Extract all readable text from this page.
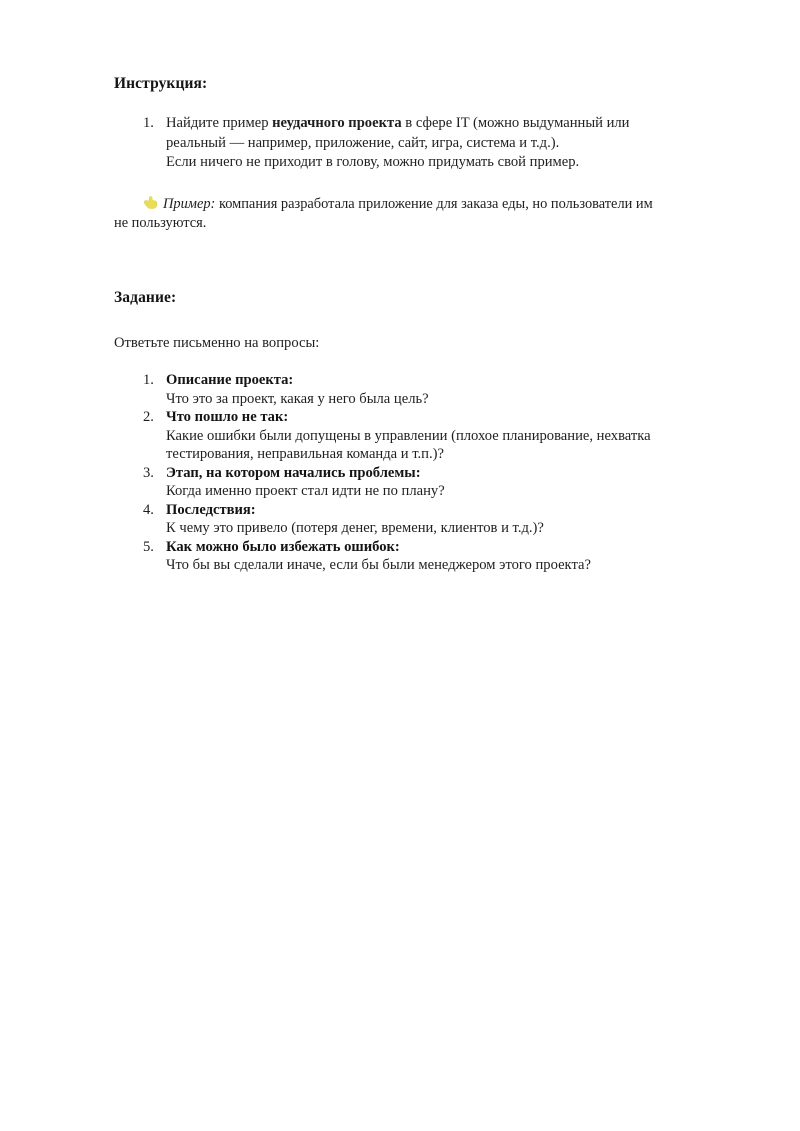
Инструкция:
1. Найдите пример неудачного проекта в сфере IT (можно выдуманный или
реальный — например, приложение, сайт, игра, система и т.д.).
Если ничего не приходит в голову, можно придумать свой пример.
Пример: компания разработала приложение для заказа еды, но пользователи им
не пользуются.
Задание:

Ответьте письменно на вопросы:

1. Описание проекта:
Что это за проект, какая у него была цель?
2. Что пошло не так:
Какие ошибки были допущены в управлении (плохое планирование, нехватка
тестирования, неправильная команда и т.п.)?
3. Этап, на котором начались проблемы:
Когда именно проект стал идти не по плану?
4. Последствия:
К чему это привело (потеря денег, времени, клиентов и т.д.)?
5. Как можно было избежать ошибок:
Что бы вы сделали иначе, если бы были менеджером этого проекта?
